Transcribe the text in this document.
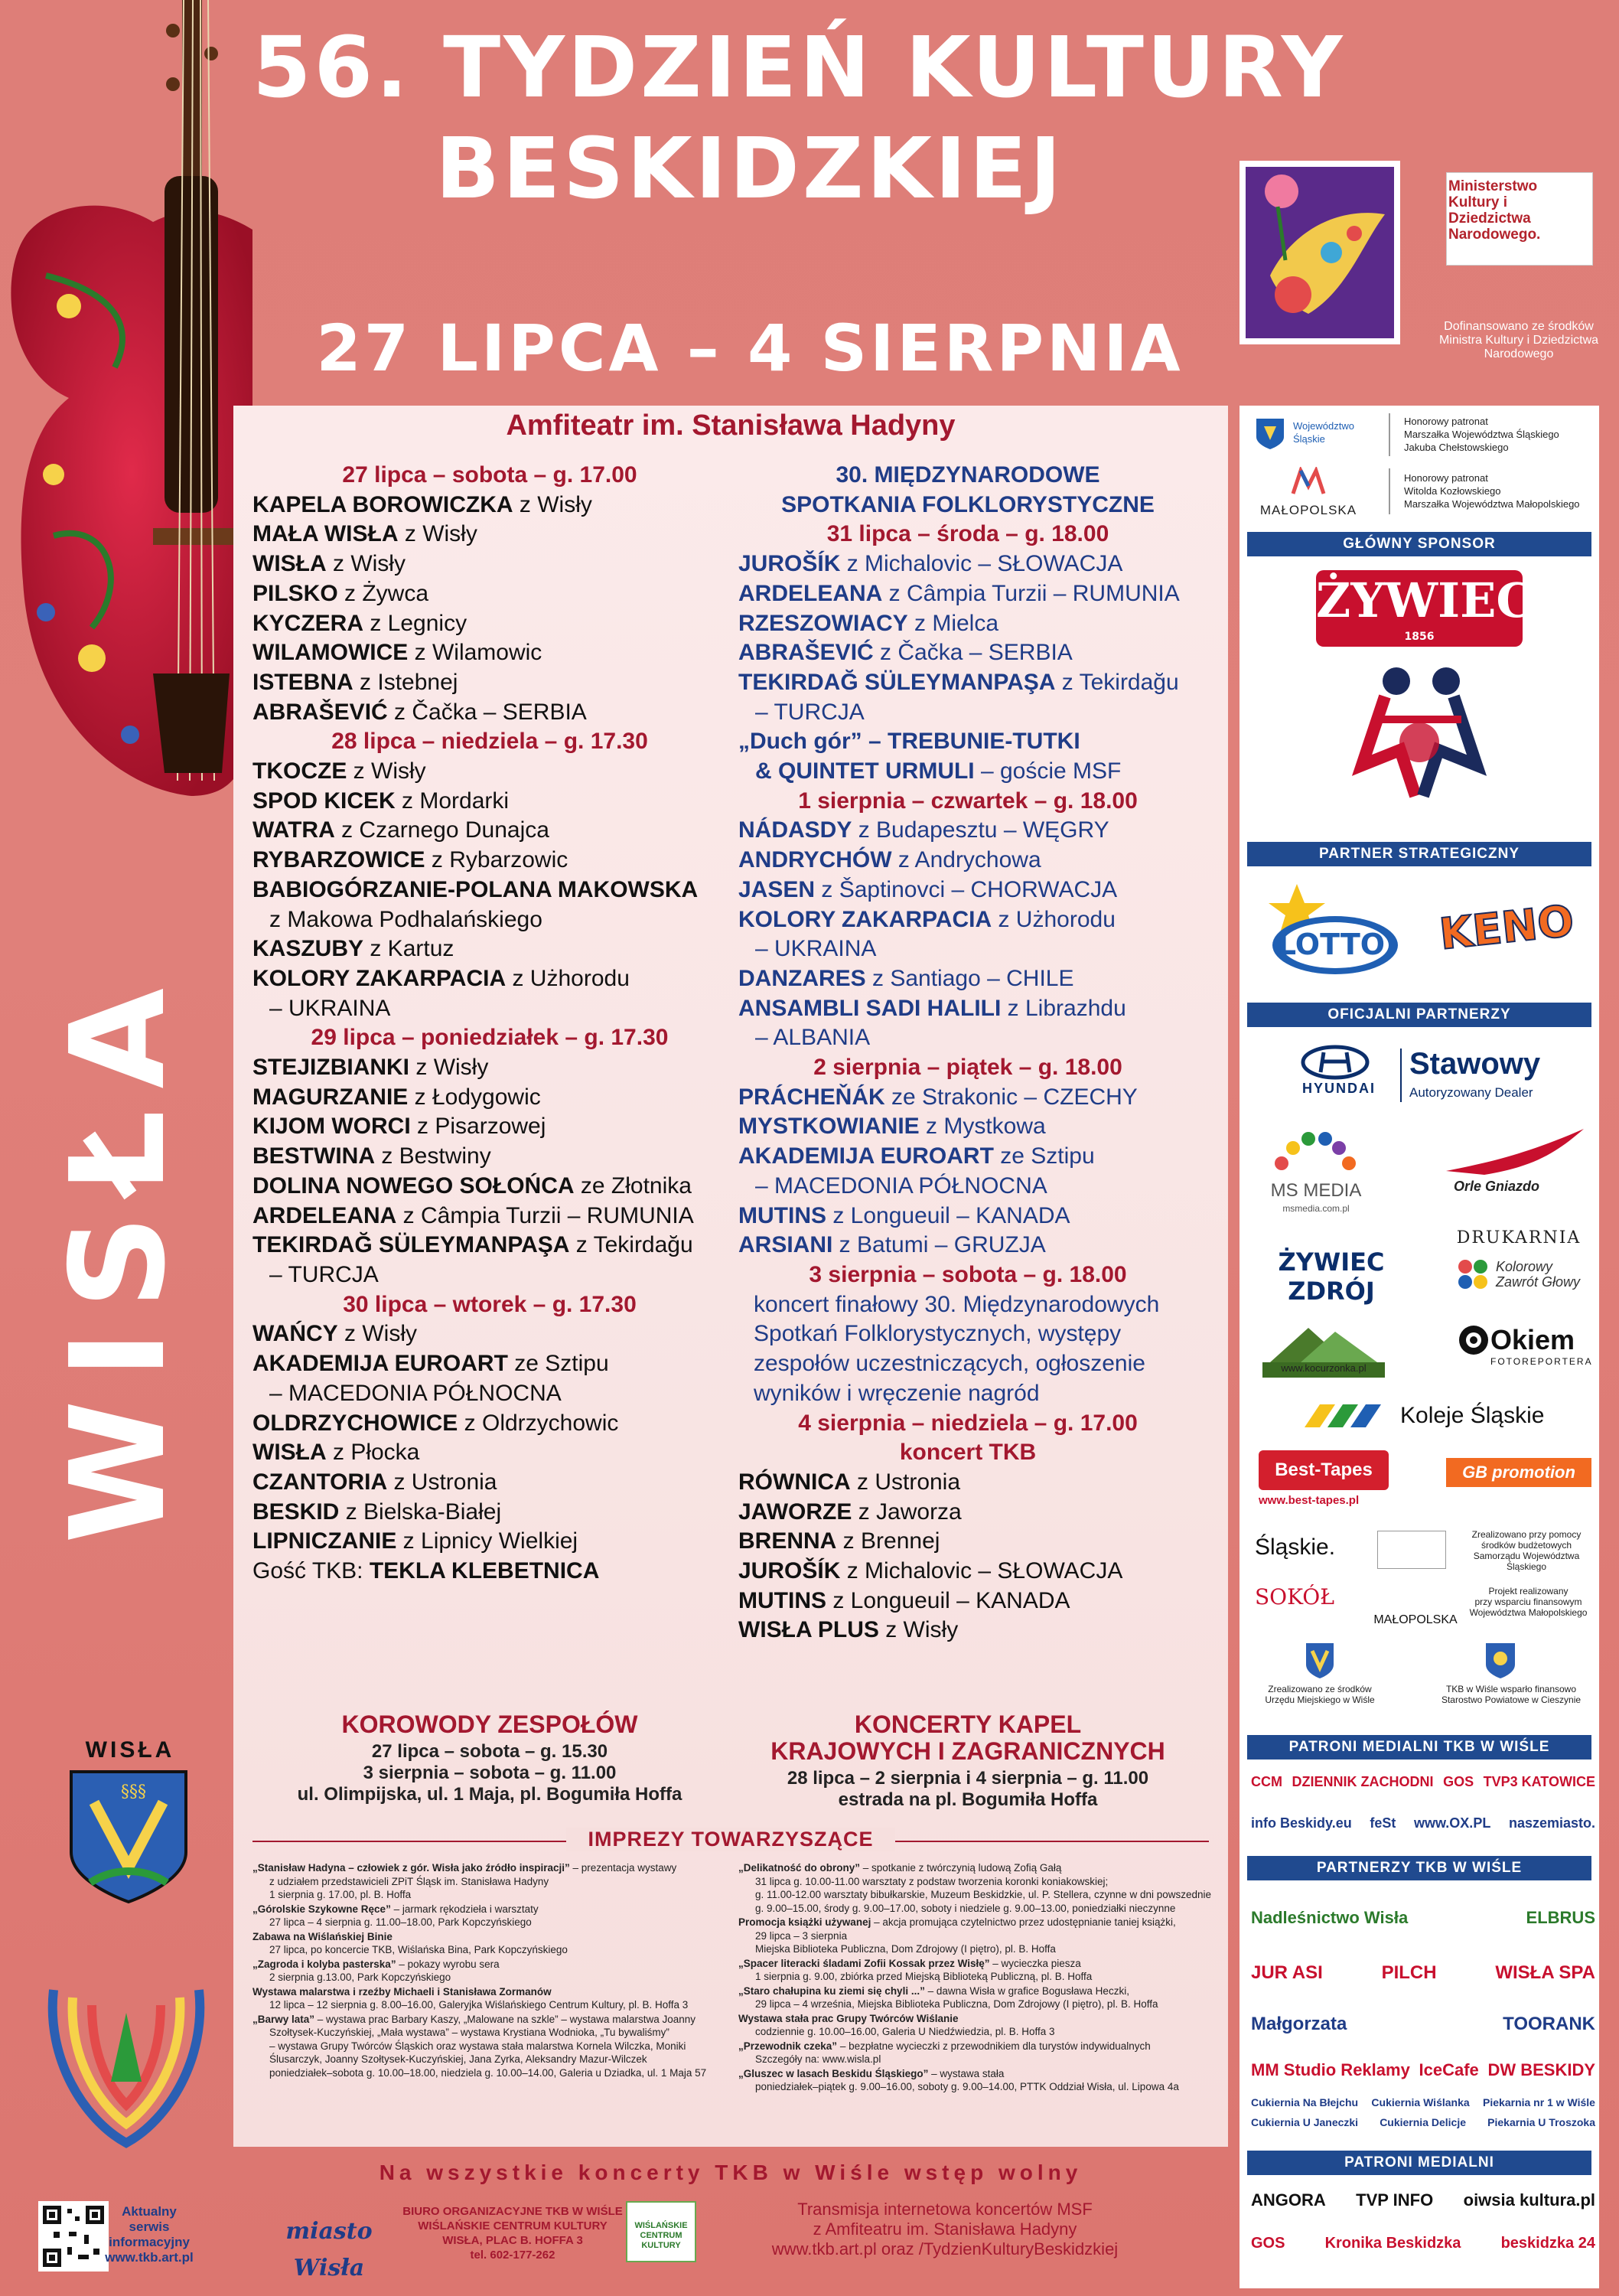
56. TYDZIEŃ KULTURY
BESKIDZKIEJ
27 LIPCA – 4 SIERPNIA
Ministerstwo Kultury i Dziedzictwa Narodowego.
Dofinansowano ze środków Ministra Kultury i Dziedzictwa Narodowego
WISŁA
WISŁA
§§§
Amfiteatr im. Stanisława Hadyny
27 lipca – sobota – g. 17.00
KAPELA BOROWICZKA z Wisły
MAŁA WISŁA z Wisły
WISŁA z Wisły
PILSKO z Żywca
KYCZERA z Legnicy
WILAMOWICE z Wilamowic
ISTEBNA z Istebnej
ABRAŠEVIĆ z Čačka – SERBIA
28 lipca – niedziela – g. 17.30
TKOCZE z Wisły
SPOD KICEK z Mordarki
WATRA z Czarnego Dunajca
RYBARZOWICE z Rybarzowic
BABIOGÓRZANIE-POLANA MAKOWSKA
z Makowa Podhalańskiego
KASZUBY z Kartuz
KOLORY ZAKARPACIA z Użhorodu
– UKRAINA
29 lipca – poniedziałek – g. 17.30
STEJIZBIANKI z Wisły
MAGURZANIE z Łodygowic
KIJOM WORCI z Pisarzowej
BESTWINA z Bestwiny
DOLINA NOWEGO SOŁOŃCA ze Złotnika
ARDELEANA z Câmpia Turzii – RUMUNIA
TEKIRDAĞ SÜLEYMANPAŞA z Tekirdağu
– TURCJA
30 lipca – wtorek – g. 17.30
WAŃCY z Wisły
AKADEMIJA EUROART ze Sztipu
– MACEDONIA PÓŁNOCNA
OLDRZYCHOWICE z Oldrzychowic
WISŁA z Płocka
CZANTORIA z Ustronia
BESKID z Bielska-Białej
LIPNICZANIE z Lipnicy Wielkiej
Gość TKB: TEKLA KLEBETNICA
30. MIĘDZYNARODOWE
SPOTKANIA FOLKLORYSTYCZNE
31 lipca – środa – g. 18.00
JUROŠÍK z Michalovic – SŁOWACJA
ARDELEANA z Câmpia Turzii – RUMUNIA
RZESZOWIACY z Mielca
ABRAŠEVIĆ z Čačka – SERBIA
TEKIRDAĞ SÜLEYMANPAŞA z Tekirdağu
– TURCJA
„Duch gór” – TREBUNIE-TUTKI
& QUINTET URMULI – goście MSF
1 sierpnia – czwartek – g. 18.00
NÁDASDY z Budapesztu – WĘGRY
ANDRYCHÓW z Andrychowa
JASEN z Šaptinovci – CHORWACJA
KOLORY ZAKARPACIA z Użhorodu
– UKRAINA
DANZARES z Santiago – CHILE
ANSAMBLI SADI HALILI z Librazhdu
– ALBANIA
2 sierpnia – piątek – g. 18.00
PRÁCHEŇÁK ze Strakonic – CZECHY
MYSTKOWIANIE z Mystkowa
AKADEMIJA EUROART ze Sztipu
– MACEDONIA PÓŁNOCNA
MUTINS z Longueuil – KANADA
ARSIANI z Batumi – GRUZJA
3 sierpnia – sobota – g. 18.00
koncert finałowy 30. Międzynarodowych
Spotkań Folklorystycznych, występy
zespołów uczestniczących, ogłoszenie
wyników i wręczenie nagród
4 sierpnia – niedziela – g. 17.00
koncert TKB
RÓWNICA z Ustronia
JAWORZE z Jaworza
BRENNA z Brennej
JUROŠÍK z Michalovic – SŁOWACJA
MUTINS z Longueuil – KANADA
WISŁA PLUS z Wisły
KOROWODY ZESPOŁÓW
27 lipca – sobota – g. 15.30
3 sierpnia – sobota – g. 11.00
ul. Olimpijska, ul. 1 Maja, pl. Bogumiła Hoffa
KONCERTY KAPEL
KRAJOWYCH I ZAGRANICZNYCH
28 lipca – 2 sierpnia i 4 sierpnia – g. 11.00
estrada na pl. Bogumiła Hoffa
IMPREZY TOWARZYSZĄCE

„Stanisław Hadyna – człowiek z gór. Wisła jako źródło inspiracji” – prezentacja wystawy
z udziałem przedstawicieli ZPiT Śląsk im. Stanisława Hadyny
1 sierpnia g. 17.00, pl. B. Hoffa

„Górolskie Szykowne Ręce” – jarmark rękodzieła i warsztaty
27 lipca – 4 sierpnia g. 11.00–18.00, Park Kopczyńskiego

Zabawa na Wiślańskiej Binie
27 lipca, po koncercie TKB, Wiślańska Bina, Park Kopczyńskiego

„Zagroda i kolyba pasterska” – pokazy wyrobu sera
2 sierpnia g.13.00, Park Kopczyńskiego

Wystawa malarstwa i rzeźby Michaeli i Stanisława Zormanów
12 lipca – 12 sierpnia g. 8.00–16.00, Galeryjka Wiślańskiego Centrum Kultury, pl. B. Hoffa 3

„Barwy lata” – wystawa prac Barbary Kaszy, „Malowane na szkle” – wystawa malarstwa Joanny
Szołtysek-Kuczyńskiej, „Mała wystawa” – wystawa Krystiana Wodnioka, „Tu bywaliśmy”
– wystawa Grupy Twórców Śląskich oraz wystawa stała malarstwa Kornela Wilczka, Moniki
Ślusarczyk, Joanny Szołtysek-Kuczyńskiej, Jana Zyrka, Aleksandry Mazur-Wilczek
poniedziałek–sobota g. 10.00–18.00, niedziela g. 10.00–14.00, Galeria u Dziadka, ul. 1 Maja 57

„Delikatność do obrony” – spotkanie z twórczynią ludową Zofią Gałą
31 lipca g. 10.00-11.00 warsztaty z podstaw tworzenia koronki koniakowskiej;
g. 11.00-12.00 warsztaty bibułkarskie, Muzeum Beskidzkie, ul. P. Stellera, czynne w dni powszednie
g. 9.00–15.00, środy g. 9.00–17.00, soboty i niedziele g. 9.00–13.00, poniedziałki nieczynne

Promocja książki używanej – akcja promująca czytelnictwo przez udostępnianie taniej książki,
29 lipca – 3 sierpnia
Miejska Biblioteka Publiczna, Dom Zdrojowy (I piętro), pl. B. Hoffa

„Spacer literacki śladami Zofii Kossak przez Wisłę” – wycieczka piesza
1 sierpnia g. 9.00, zbiórka przed Miejską Biblioteką Publiczną, pl. B. Hoffa

„Staro chałupina ku ziemi się chyli ...” – dawna Wisła w grafice Bogusława Heczki,
29 lipca – 4 września, Miejska Biblioteka Publiczna, Dom Zdrojowy (I piętro), pl. B. Hoffa

Wystawa stała prac Grupy Twórców Wiślanie
codziennie g. 10.00–16.00, Galeria U Niedźwiedzia, pl. B. Hoffa 3

„Przewodnik czeka” – bezpłatne wycieczki z przewodnikiem dla turystów indywidualnych
Szczegóły na: www.wisla.pl

„Gluszec w lasach Beskidu Śląskiego” – wystawa stała
poniedziałek–piątek g. 9.00–16.00, soboty g. 9.00–14.00, PTTK Oddział Wisła, ul. Lipowa 4a

Na wszystkie koncerty TKB w Wiśle wstęp wolny
Aktualny
serwis
informacyjny
www.tkb.art.pl
miasto Wisła
BIURO ORGANIZACYJNE TKB W WIŚLE
WIŚLAŃSKIE CENTRUM KULTURY
WISŁA, PLAC B. HOFFA 3
tel. 602-177-262
WIŚLAŃSKIE CENTRUM KULTURY
Transmisja internetowa koncertów MSF
z Amfiteatru im. Stanisława Hadyny
www.tkb.art.pl oraz /TydzienKulturyBeskidzkiej
Województwo Śląskie
Honorowy patronat
Marszałka Województwa Śląskiego
Jakuba Chełstowskiego
MAŁOPOLSKA
Honorowy patronat
Witolda Kozłowskiego
Marszałka Województwa Małopolskiego
GŁÓWNY SPONSOR
ŻYWIEC
1856
PARTNER STRATEGICZNY
LOTTO KENO
OFICJALNI PARTNERZY
HYUNDAI
Stawowy
Autoryzowany Dealer
MS MEDIA
msmedia.com.pl
Orle Gniazdo
ŻYWIEC ZDRÓJ
DRUKARNIA
Kolorowy Zawrót Głowy
www.kocurzonka.pl
Okiem
FOTOREPORTERA
Koleje Śląskie
Best-Tapes
www.best-tapes.pl
GB promotion
Śląskie.	Zrealizowano przy pomocy
środków budżetowych
Samorządu Województwa Śląskiego
SOKÓŁ
MAŁOPOLSKA
Projekt realizowany
przy wsparciu finansowym
Województwa Małopolskiego
Zrealizowano ze środków
Urzędu Miejskiego w Wiśle
TKB w Wiśle wsparło finansowo
Starostwo Powiatowe w Cieszynie
PATRONI MEDIALNI TKB W WIŚLE
CCM DZIENNIK ZACHODNI GOS TVP3 KATOWICE
info Beskidy.eu feSt www.OX.PL naszemiasto.
PARTNERZY TKB W WIŚLE
Nadleśnictwo Wisła	ELBRUS
JUR ASI	PILCH	WISŁA SPA
Małgorzata	TOORANK
MM Studio Reklamy IceCafe DW BESKIDY
Cukiernia Na Błejchu Cukiernia Wiślanka Piekarnia nr 1 w Wiśle
Cukiernia U Janeczki Cukiernia Delicje Piekarnia U Troszoka
PATRONI MEDIALNI
ANGORA TVP INFO oiwsia kultura.pl
GOS	Kronika Beskidzka	beskidzka 24
